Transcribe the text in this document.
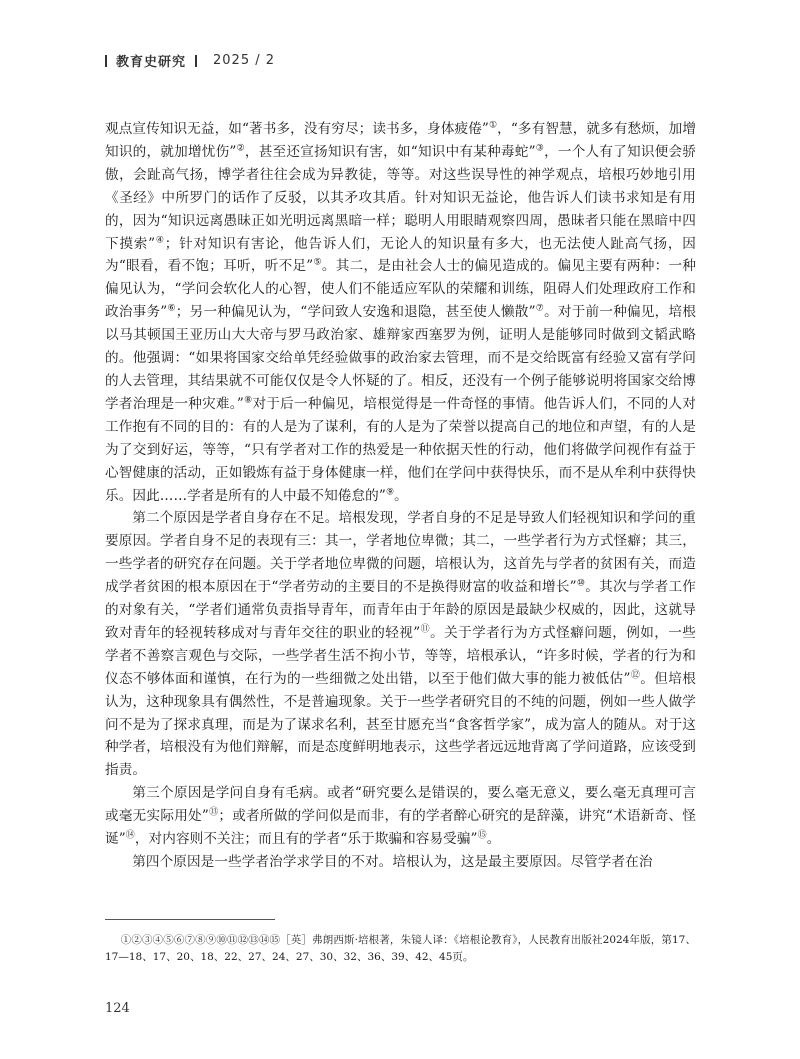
教育史研究 2025 / 2

观点宣传知识无益，如“著书多，没有穷尽；读书多，身体疲倦”①，“多有智慧，就多有愁烦，加增知识的，就加增忧伤”②，甚至还宣扬知识有害，如“知识中有某种毒蛇”③，一个人有了知识便会骄傲，会趾高气扬，博学者往往会成为异教徒，等等。对这些误导性的神学观点，培根巧妙地引用《圣经》中所罗门的话作了反驳，以其矛攻其盾。针对知识无益论，他告诉人们读书求知是有用的，因为“知识远离愚昧正如光明远离黑暗一样；聪明人用眼睛观察四周，愚昧者只能在黑暗中四下摸索”④；针对知识有害论，他告诉人们，无论人的知识量有多大，也无法使人趾高气扬，因为“眼看，看不饱；耳听，听不足”⑤。其二，是由社会人士的偏见造成的。偏见主要有两种：一种偏见认为，“学问会软化人的心智，使人们不能适应军队的荣耀和训练，阻碍人们处理政府工作和政治事务”⑥；另一种偏见认为，“学问致人安逸和退隐，甚至使人懒散”⑦。对于前一种偏见，培根以马其顿国王亚历山大大帝与罗马政治家、雄辩家西塞罗为例，证明人是能够同时做到文韬武略的。他强调：“如果将国家交给单凭经验做事的政治家去管理，而不是交给既富有经验又富有学问的人去管理，其结果就不可能仅仅是令人怀疑的了。相反，还没有一个例子能够说明将国家交给博学者治理是一种灾难。”⑧对于后一种偏见，培根觉得是一件奇怪的事情。他告诉人们，不同的人对工作抱有不同的目的：有的人是为了谋利，有的人是为了荣誉以提高自己的地位和声望，有的人是为了交到好运，等等，“只有学者对工作的热爱是一种依据天性的行动，他们将做学问视作有益于心智健康的活动，正如锻炼有益于身体健康一样，他们在学问中获得快乐，而不是从牟利中获得快乐。因此……学者是所有的人中最不知倦怠的”⑨。

第二个原因是学者自身存在不足。培根发现，学者自身的不足是导致人们轻视知识和学问的重要原因。学者自身不足的表现有三：其一，学者地位卑微；其二，一些学者行为方式怪癖；其三，一些学者的研究存在问题。关于学者地位卑微的问题，培根认为，这首先与学者的贫困有关，而造成学者贫困的根本原因在于“学者劳动的主要目的不是换得财富的收益和增长”⑩。其次与学者工作的对象有关，“学者们通常负责指导青年，而青年由于年龄的原因是最缺少权威的，因此，这就导致对青年的轻视转移成对与青年交往的职业的轻视”⑪。关于学者行为方式怪癖问题，例如，一些学者不善察言观色与交际，一些学者生活不拘小节，等等，培根承认，“许多时候，学者的行为和仪态不够体面和谨慎，在行为的一些细微之处出错，以至于他们做大事的能力被低估”⑫。但培根认为，这种现象具有偶然性，不是普遍现象。关于一些学者研究目的不纯的问题，例如一些人做学问不是为了探求真理，而是为了谋求名利，甚至甘愿充当“食客哲学家”，成为富人的随从。对于这种学者，培根没有为他们辩解，而是态度鲜明地表示，这些学者远远地背离了学问道路，应该受到指责。

第三个原因是学问自身有毛病。或者“研究要么是错误的，要么毫无意义，要么毫无真理可言或毫无实际用处”⑬；或者所做的学问似是而非，有的学者醉心研究的是辞藻，讲究“术语新奇、怪诞”⑭，对内容则不关注；而且有的学者“乐于欺骗和容易受骗”⑮。

第四个原因是一些学者治学求学目的不对。培根认为，这是最主要原因。尽管学者在治

①②③④⑤⑥⑦⑧⑨⑩⑪⑫⑬⑭⑮［英］弗朗西斯·培根著，朱镜人译：《培根论教育》，人民教育出版社2024年版，第17、17—18、17、20、18、22、27、24、27、30、32、36、39、42、45页。
124
